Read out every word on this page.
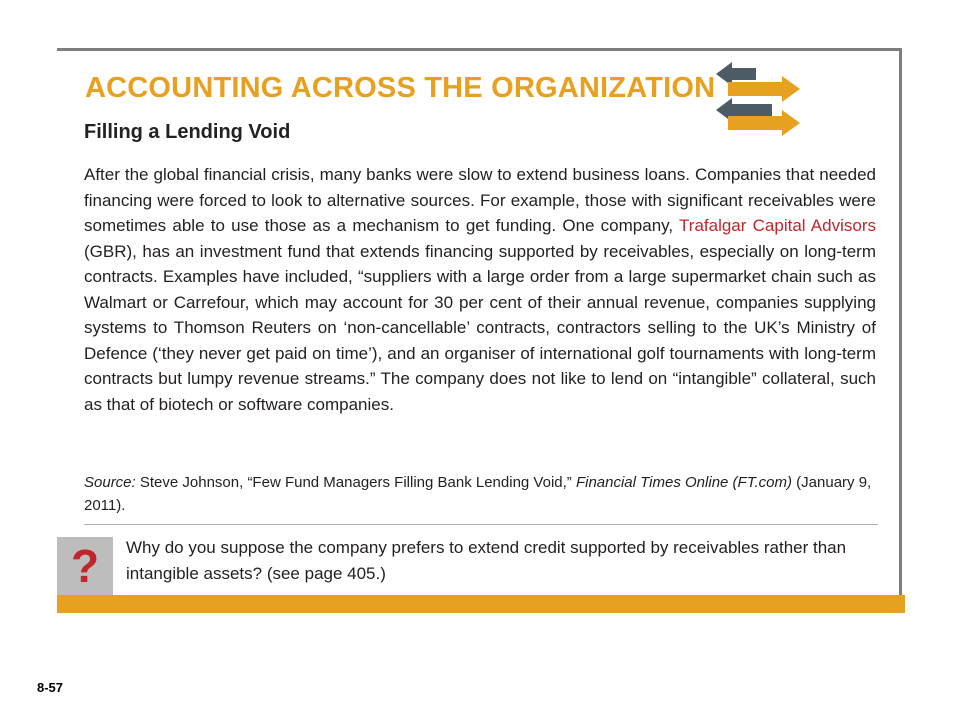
ACCOUNTING ACROSS THE ORGANIZATION
Filling a Lending Void

After the global financial crisis, many banks were slow to extend business loans. Companies that needed financing were forced to look to alternative sources. For example, those with significant receivables were sometimes able to use those as a mechanism to get funding. One company, Trafalgar Capital Advisors (GBR), has an investment fund that extends financing supported by receivables, especially on long-term contracts. Examples have included, “suppliers with a large order from a large supermarket chain such as Walmart or Carrefour, which may account for 30 per cent of their annual revenue, companies supplying systems to Thomson Reuters on ‘non-cancellable’ contracts, contractors selling to the UK’s Ministry of Defence (‘they never get paid on time’), and an organiser of international golf tournaments with long-term contracts but lumpy revenue streams.” The company does not like to lend on “intangible” collateral, such as that of biotech or software companies.

Source: Steve Johnson, “Few Fund Managers Filling Bank Lending Void,” Financial Times Online (FT.com) (January 9, 2011).

? Why do you suppose the company prefers to extend credit supported by receivables rather than intangible assets? (see page 405.)

8-57
